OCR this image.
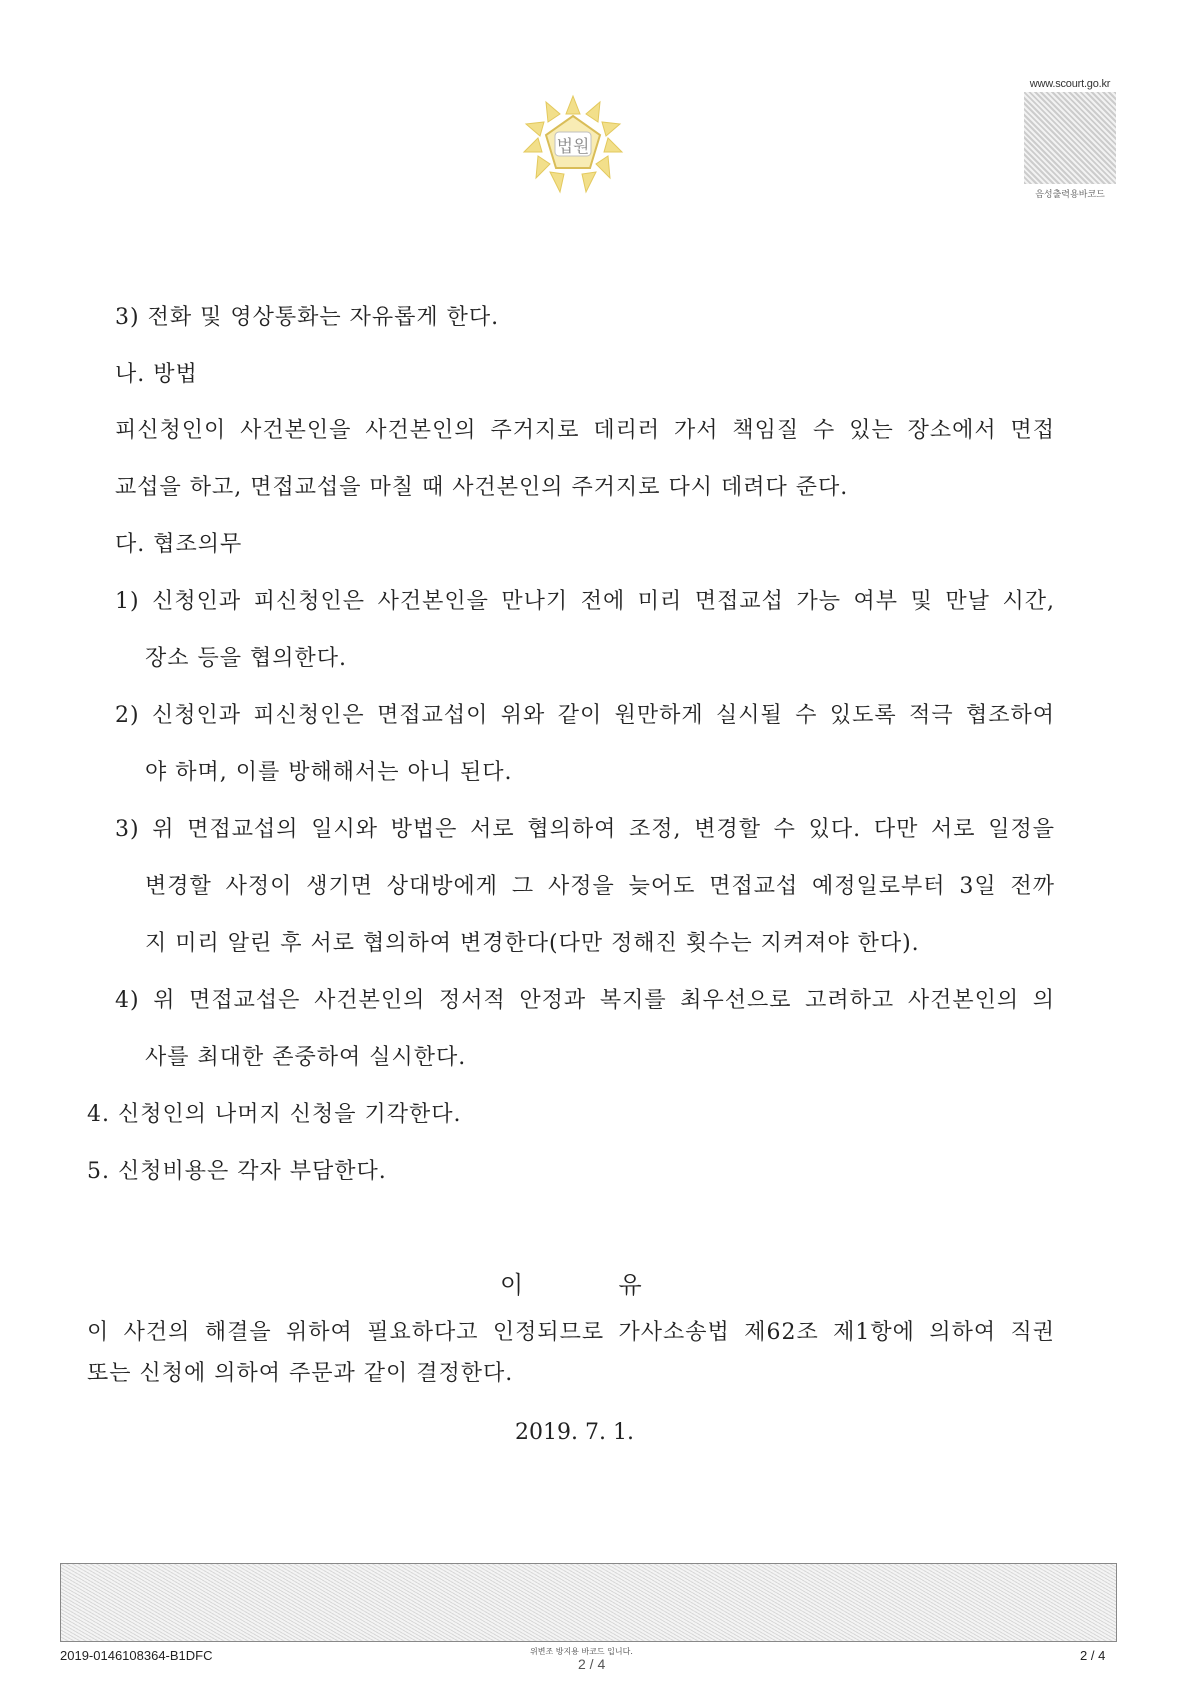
법원
www.scourt.go.kr
음성출력용바코드
3) 전화 및 영상통화는 자유롭게 한다.
나. 방법
피신청인이 사건본인을 사건본인의 주거지로 데리러 가서 책임질 수 있는 장소에서 면접
교섭을 하고, 면접교섭을 마칠 때 사건본인의 주거지로 다시 데려다 준다.
다. 협조의무
1) 신청인과 피신청인은 사건본인을 만나기 전에 미리 면접교섭 가능 여부 및 만날 시간,
장소 등을 협의한다.
2) 신청인과 피신청인은 면접교섭이 위와 같이 원만하게 실시될 수 있도록 적극 협조하여
야 하며, 이를 방해해서는 아니 된다.
3) 위 면접교섭의 일시와 방법은 서로 협의하여 조정, 변경할 수 있다. 다만 서로 일정을
변경할 사정이 생기면 상대방에게 그 사정을 늦어도 면접교섭 예정일로부터 3일 전까
지 미리 알린 후 서로 협의하여 변경한다(다만 정해진 횟수는 지켜져야 한다).
4) 위 면접교섭은 사건본인의 정서적 안정과 복지를 최우선으로 고려하고 사건본인의 의
사를 최대한 존중하여 실시한다.
4. 신청인의 나머지 신청을 기각한다.
5. 신청비용은 각자 부담한다.
이	유
이 사건의 해결을 위하여 필요하다고 인정되므로 가사소송법 제62조 제1항에 의하여 직권
또는 신청에 의하여 주문과 같이 결정한다.
2019. 7. 1.
2019-0146108364-B1DFC	위변조 방지용 바코드 입니다.
2 / 4
2 / 4
